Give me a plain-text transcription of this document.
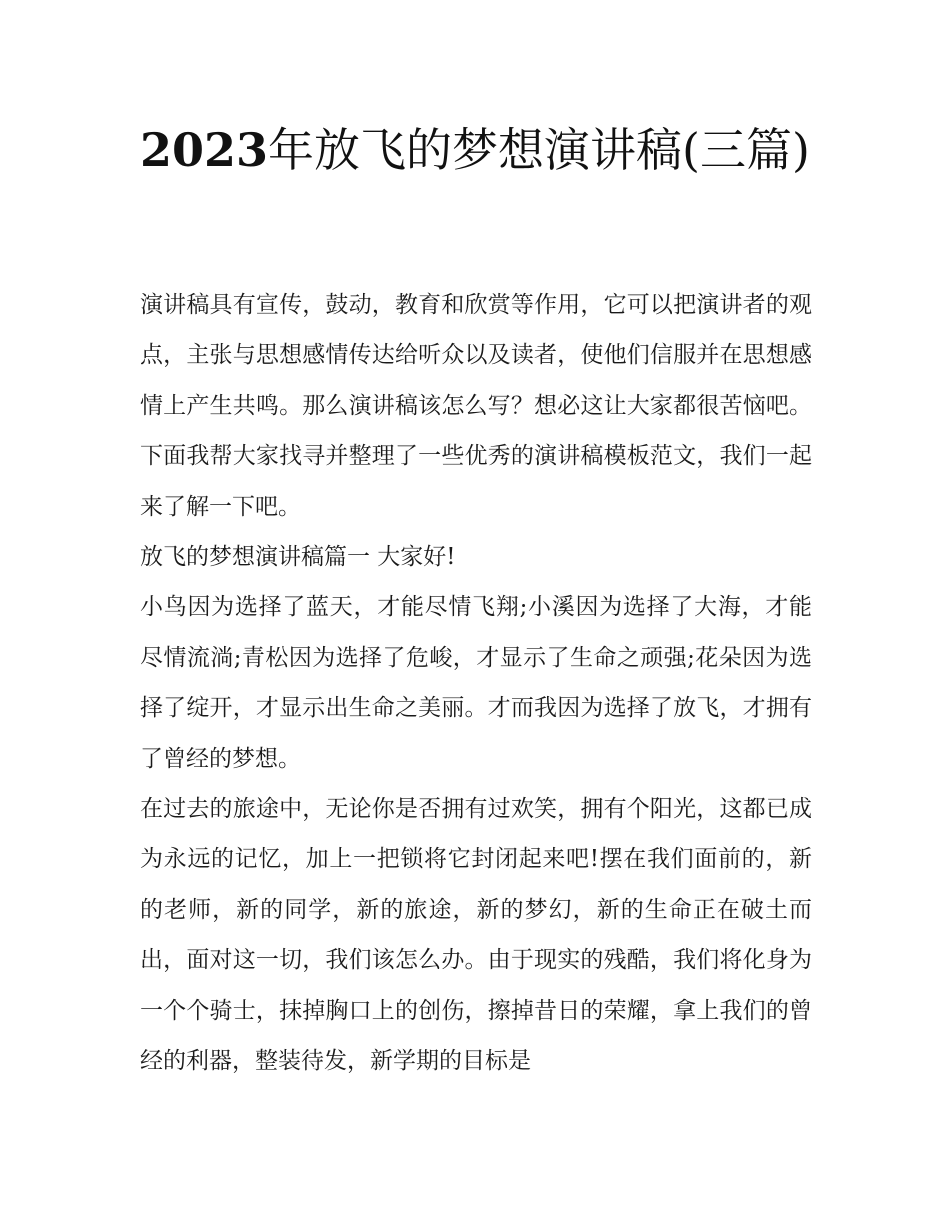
2023年放飞的梦想演讲稿(三篇)

演讲稿具有宣传，鼓动，教育和欣赏等作用，它可以把演讲者的观点，主张与思想感情传达给听众以及读者，使他们信服并在思想感情上产生共鸣。那么演讲稿该怎么写？想必这让大家都很苦恼吧。下面我帮大家找寻并整理了一些优秀的演讲稿模板范文，我们一起来了解一下吧。

放飞的梦想演讲稿篇一 大家好!

小鸟因为选择了蓝天，才能尽情飞翔;小溪因为选择了大海，才能尽情流淌;青松因为选择了危峻，才显示了生命之顽强;花朵因为选择了绽开，才显示出生命之美丽。才而我因为选择了放飞，才拥有了曾经的梦想。

在过去的旅途中，无论你是否拥有过欢笑，拥有个阳光，这都已成为永远的记忆，加上一把锁将它封闭起来吧!摆在我们面前的，新的老师，新的同学，新的旅途，新的梦幻，新的生命正在破土而出，面对这一切，我们该怎么办。由于现实的残酷，我们将化身为一个个骑士，抹掉胸口上的创伤，擦掉昔日的荣耀，拿上我们的曾经的利器，整装待发，新学期的目标是
